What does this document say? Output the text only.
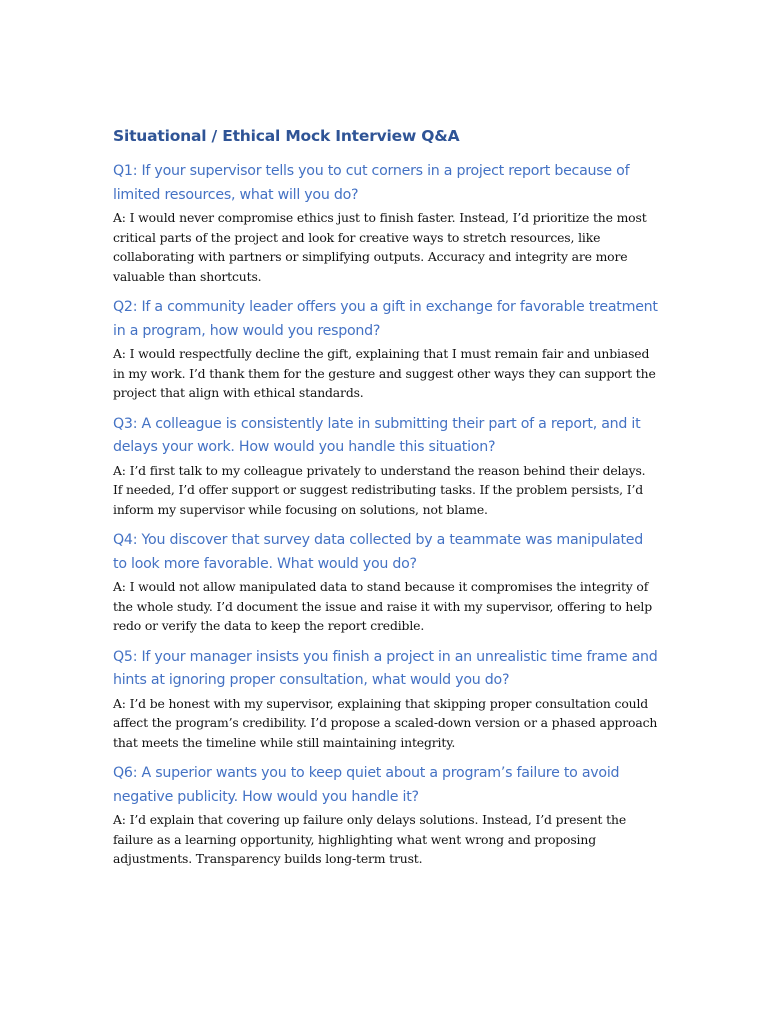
Situational / Ethical Mock Interview Q&A

Q1: If your supervisor tells you to cut corners in a project report because of limited resources, what will you do?

A: I would never compromise ethics just to finish faster. Instead, I’d prioritize the most critical parts of the project and look for creative ways to stretch resources, like collaborating with partners or simplifying outputs. Accuracy and integrity are more valuable than shortcuts.

Q2: If a community leader offers you a gift in exchange for favorable treatment in a program, how would you respond?

A: I would respectfully decline the gift, explaining that I must remain fair and unbiased in my work. I’d thank them for the gesture and suggest other ways they can support the project that align with ethical standards.

Q3: A colleague is consistently late in submitting their part of a report, and it delays your work. How would you handle this situation?

A: I’d first talk to my colleague privately to understand the reason behind their delays. If needed, I’d offer support or suggest redistributing tasks. If the problem persists, I’d inform my supervisor while focusing on solutions, not blame.

Q4: You discover that survey data collected by a teammate was manipulated to look more favorable. What would you do?

A: I would not allow manipulated data to stand because it compromises the integrity of the whole study. I’d document the issue and raise it with my supervisor, offering to help redo or verify the data to keep the report credible.

Q5: If your manager insists you finish a project in an unrealistic time frame and hints at ignoring proper consultation, what would you do?

A: I’d be honest with my supervisor, explaining that skipping proper consultation could affect the program’s credibility. I’d propose a scaled-down version or a phased approach that meets the timeline while still maintaining integrity.

Q6: A superior wants you to keep quiet about a program’s failure to avoid negative publicity. How would you handle it?

A: I’d explain that covering up failure only delays solutions. Instead, I’d present the failure as a learning opportunity, highlighting what went wrong and proposing adjustments. Transparency builds long-term trust.
